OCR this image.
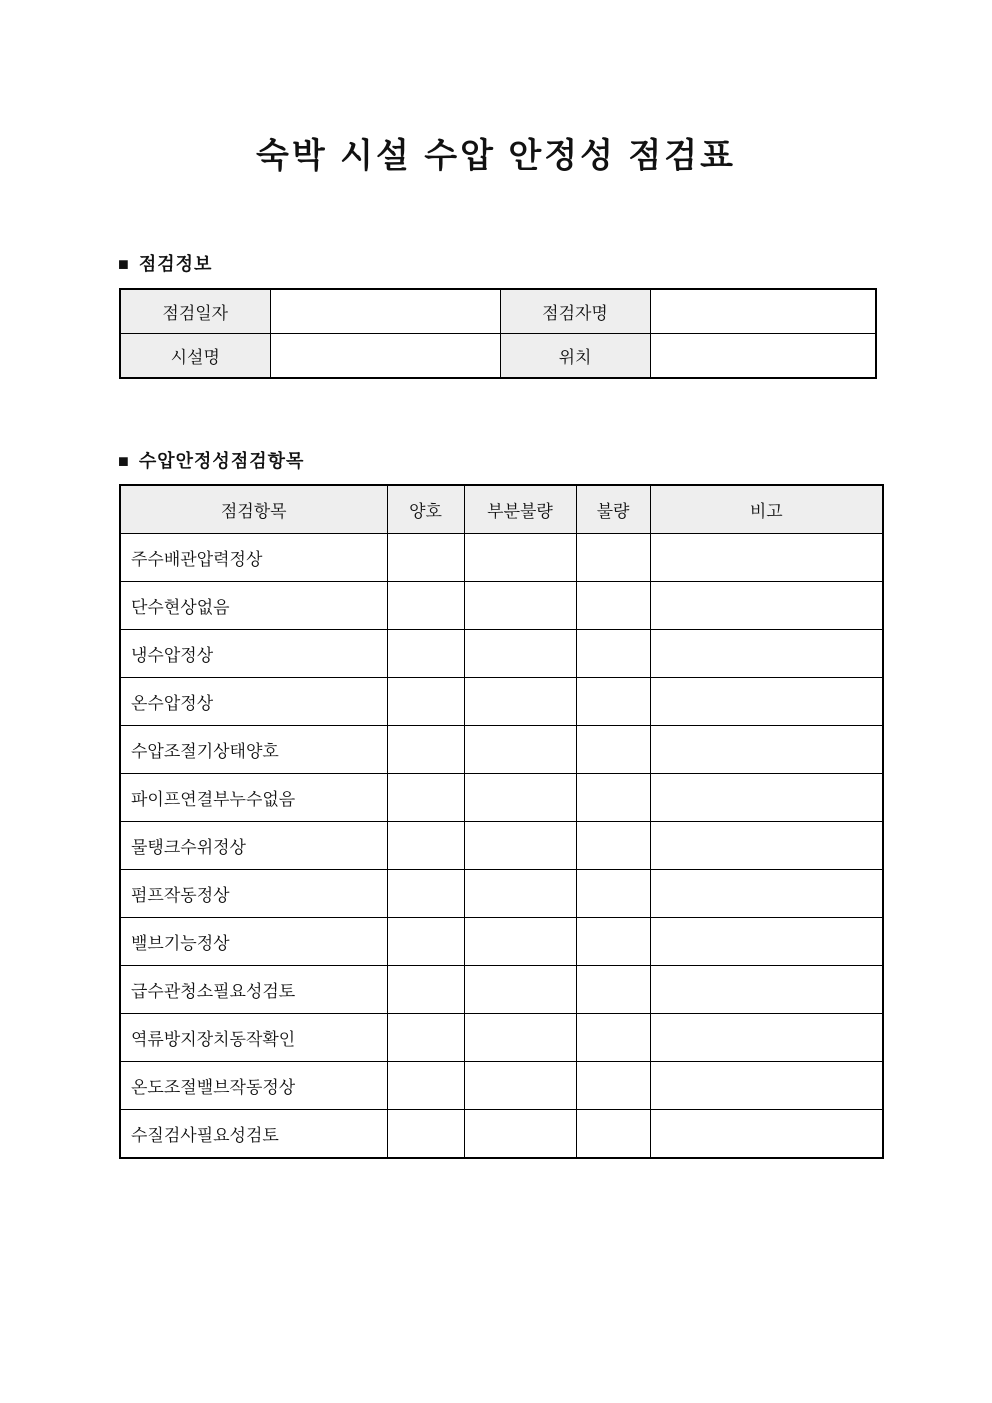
숙박 시설 수압 안정성 점검표
■ 점검정보
점검일자		점검자명	
시설명		위치	
■ 수압안정성점검항목
점검항목	양호	부분불량	불량	비고
주수배관압력정상				
단수현상없음				
냉수압정상				
온수압정상				
수압조절기상태양호				
파이프연결부누수없음				
물탱크수위정상				
펌프작동정상				
밸브기능정상				
급수관청소필요성검토				
역류방지장치동작확인				
온도조절밸브작동정상				
수질검사필요성검토				
